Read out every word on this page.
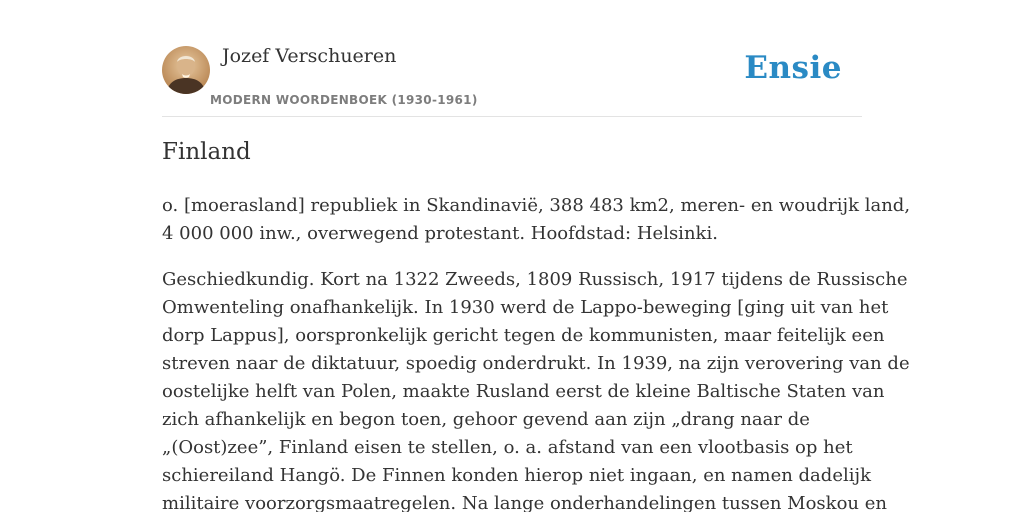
Jozef Verschueren
MODERN WOORDENBOEK (1930-1961)
Ensie
Finland

o. [moerasland] republiek in Skandinavië, 388 483 km2, meren- en woudrijk land,
4 000 000 inw., overwegend protestant. Hoofdstad: Helsinki.

Geschiedkundig. Kort na 1322 Zweeds, 1809 Russisch, 1917 tijdens de Russische
Omwenteling onafhankelijk. In 1930 werd de Lappo-beweging [ging uit van het
dorp Lappus], oorspronkelijk gericht tegen de kommunisten, maar feitelijk een
streven naar de diktatuur, spoedig onderdrukt. In 1939, na zijn verovering van de
oostelijke helft van Polen, maakte Rusland eerst de kleine Baltische Staten van
zich afhankelijk en begon toen, gehoor gevend aan zijn „drang naar de
„(Oost)zee”, Finland eisen te stellen, o. a. afstand van een vlootbasis op het
schiereiland Hangö. De Finnen konden hierop niet ingaan, en namen dadelijk
militaire voorzorgsmaatregelen. Na lange onderhandelingen tussen Moskou en
